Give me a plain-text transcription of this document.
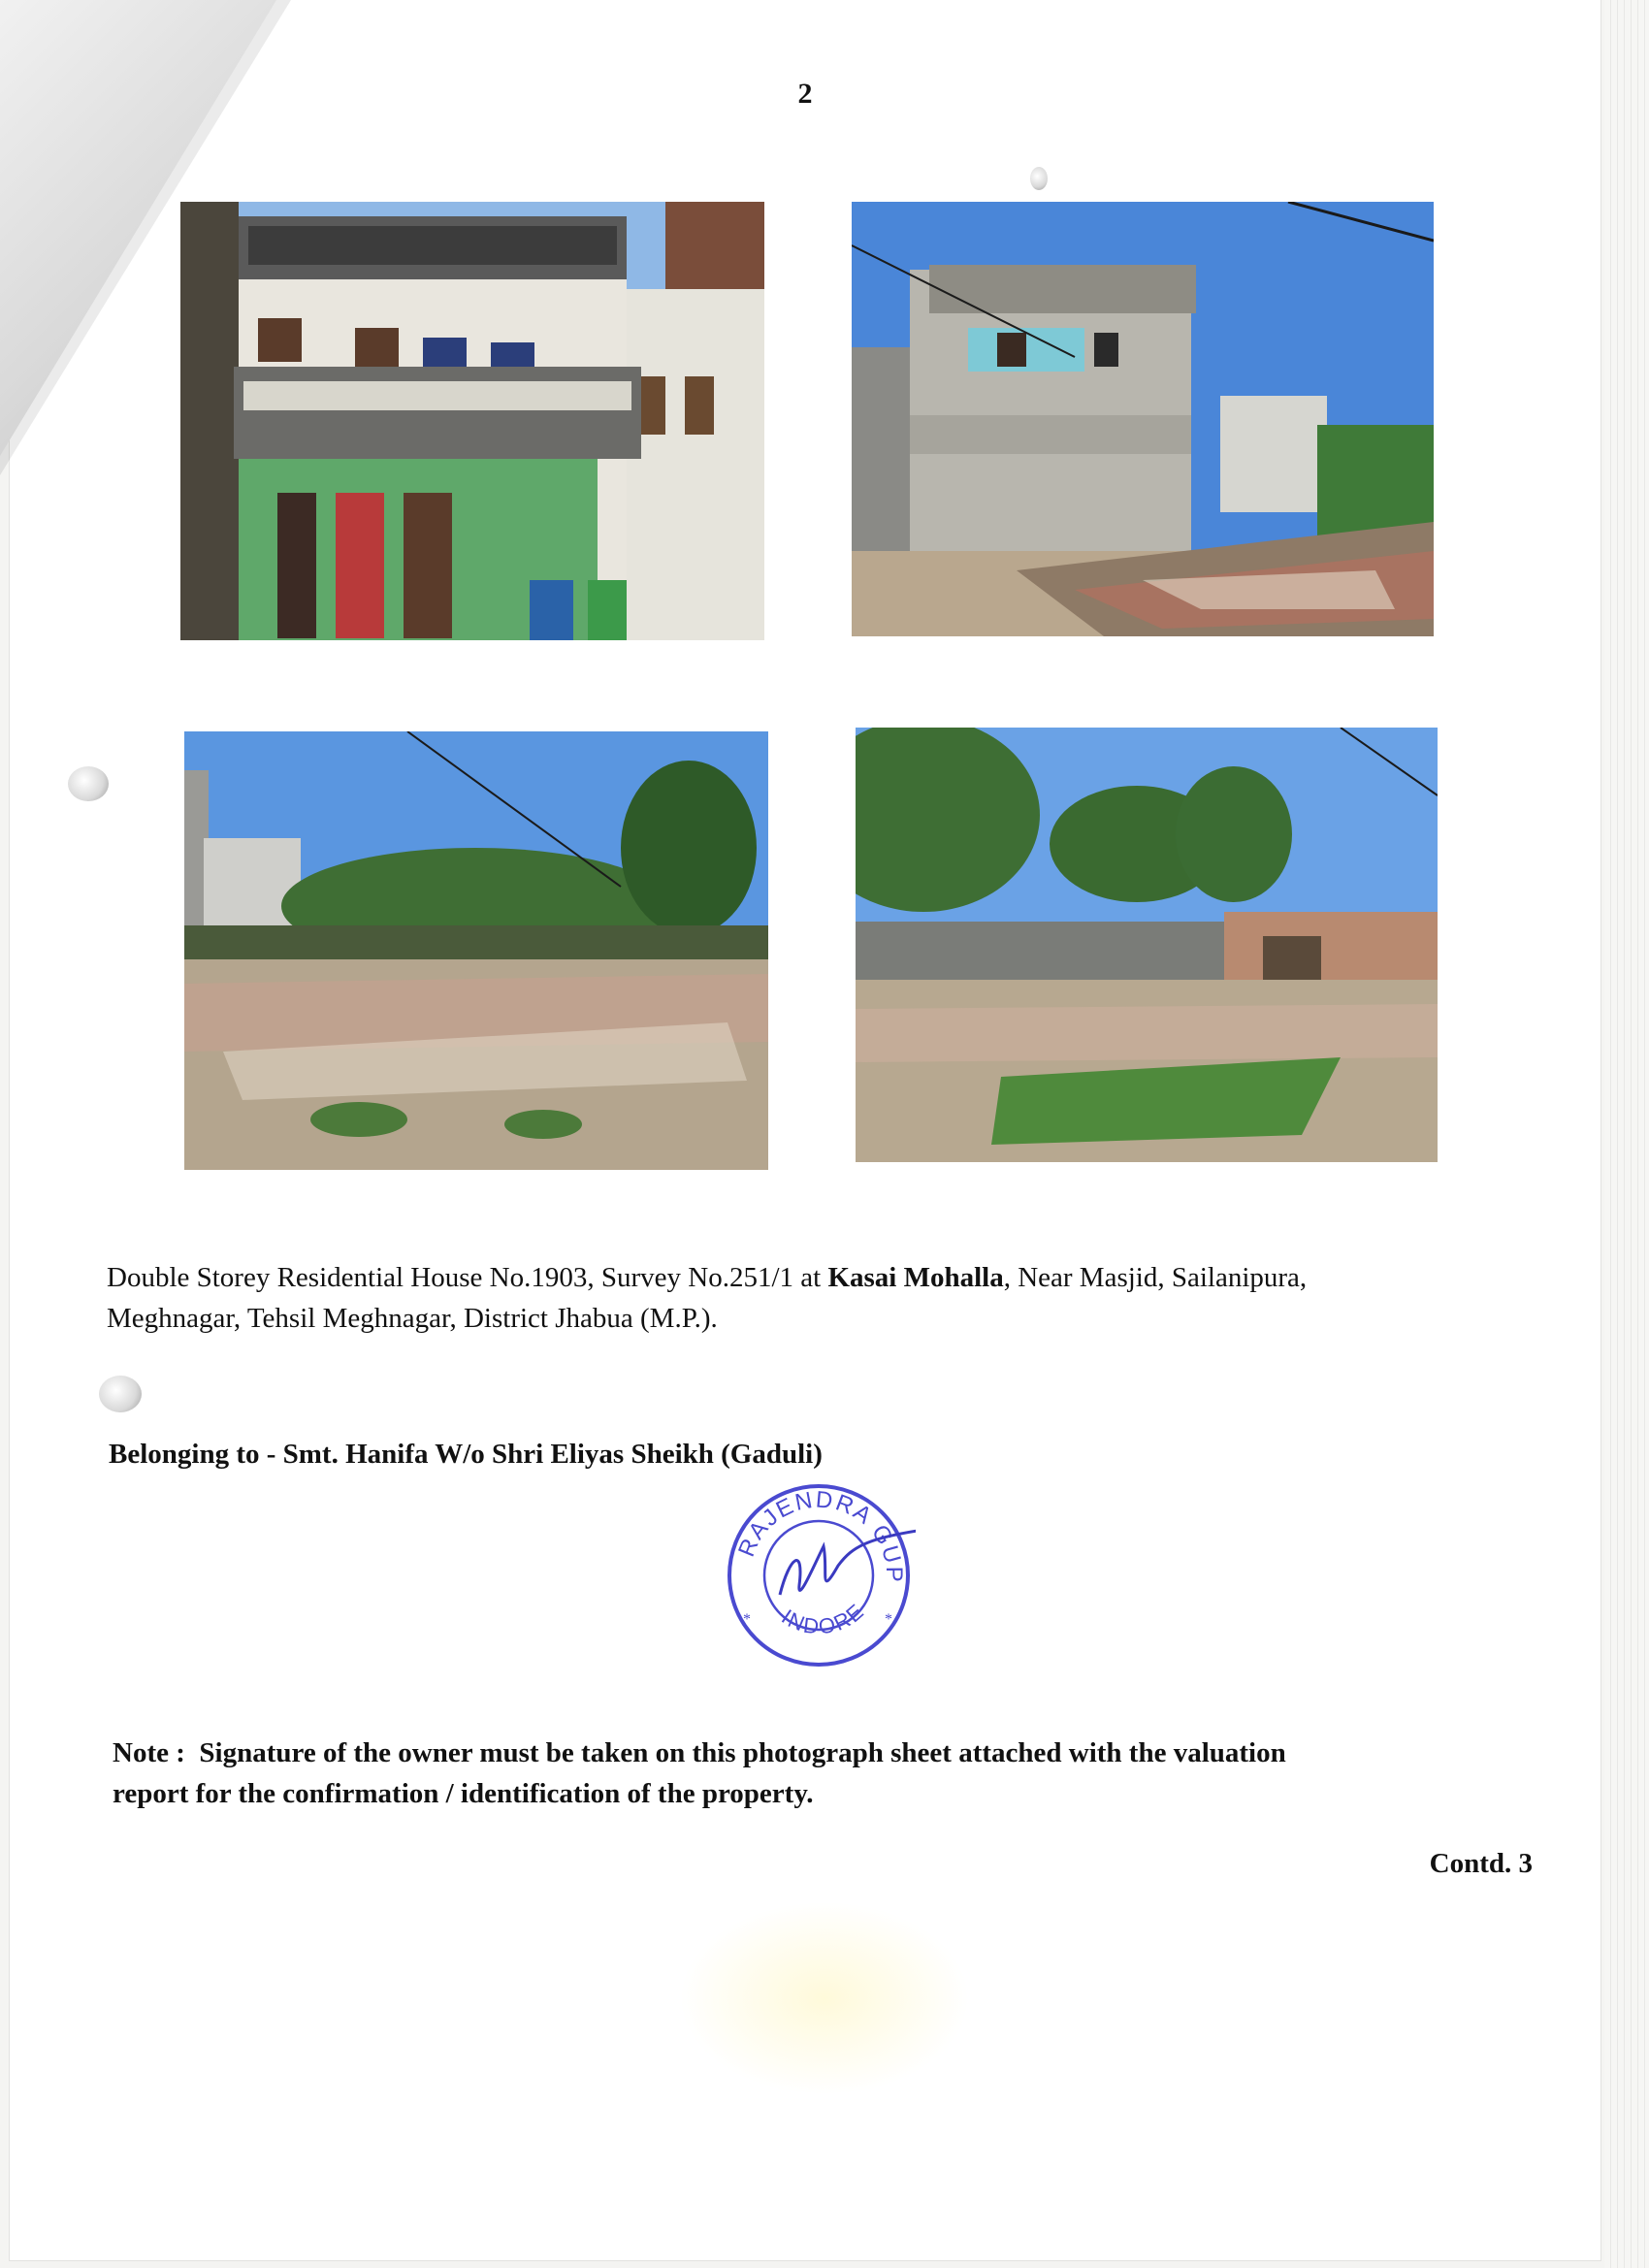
2
Double Storey Residential House No.1903, Survey No.251/1 at Kasai Mohalla, Near Masjid, Sailanipura,
Meghnagar, Tehsil Meghnagar, District Jhabua (M.P.).
Belonging to - Smt. Hanifa W/o Shri Eliyas Sheikh (Gaduli)
RAJENDRA GUP
INDORE
*	*
Note : Signature of the owner must be taken on this photograph sheet attached with the valuation
report for the confirmation / identification of the property.
Contd. 3
